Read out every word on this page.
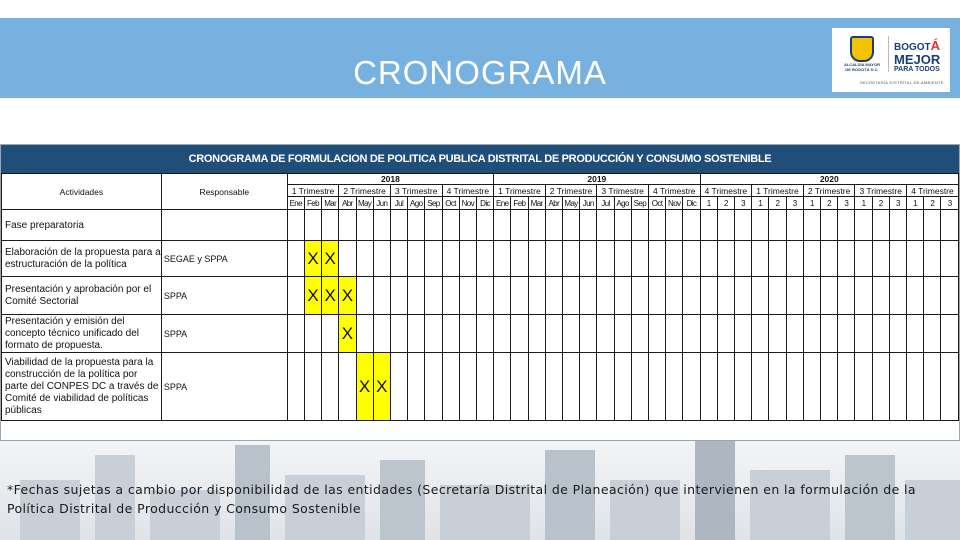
CRONOGRAMA	ALCALDÍA MAYOR DE BOGOTÁ D.C.
BOGOTÁ
MEJOR
PARA TODOS
SECRETARÍA DISTRITAL DE AMBIENTE
CRONOGRAMA DE FORMULACION DE POLITICA PUBLICA DISTRITAL DE PRODUCCIÓN Y CONSUMO SOSTENIBLE
Actividades	Responsable	2018												2019												2020														
		1 Trimestre			2 Trimestre			3 Trimestre			4 Trimestre			1 Trimestre			2 Trimestre			3 Trimestre			4 Trimestre			4 Trimestre			1 Trimestre			2 Trimestre			3 Trimestre			4 Trimestre		
		Ene	Feb	Mar	Abr	May	Jun	Jul	Ago	Sep	Oct	Nov	Dic	Ene	Feb	Mar	Abr	May	Jun	Jul	Ago	Sep	Oct	Nov	Dic	1	2	3	1	2	3	1	2	3	1	2	3	1	2	3
Fase preparatoria																																								
Elaboración de la propuesta para a estructuración de la política	SEGAE y SPPA		X	X																																				
Presentación y aprobación por el Comité Sectorial	SPPA		X	X	X																																			
Presentación y emisión del concepto técnico unificado del formato de propuesta.	SPPA				X																																			
Viabilidad de la propuesta para la construcción de la política por parte del CONPES DC a través de Comité de viabilidad de políticas públicas	SPPA					X	X																																	
*Fechas sujetas a cambio por disponibilidad de las entidades (Secretaría Distrital de Planeación) que intervienen en la formulación de la Política Distrital de Producción y Consumo Sostenible
